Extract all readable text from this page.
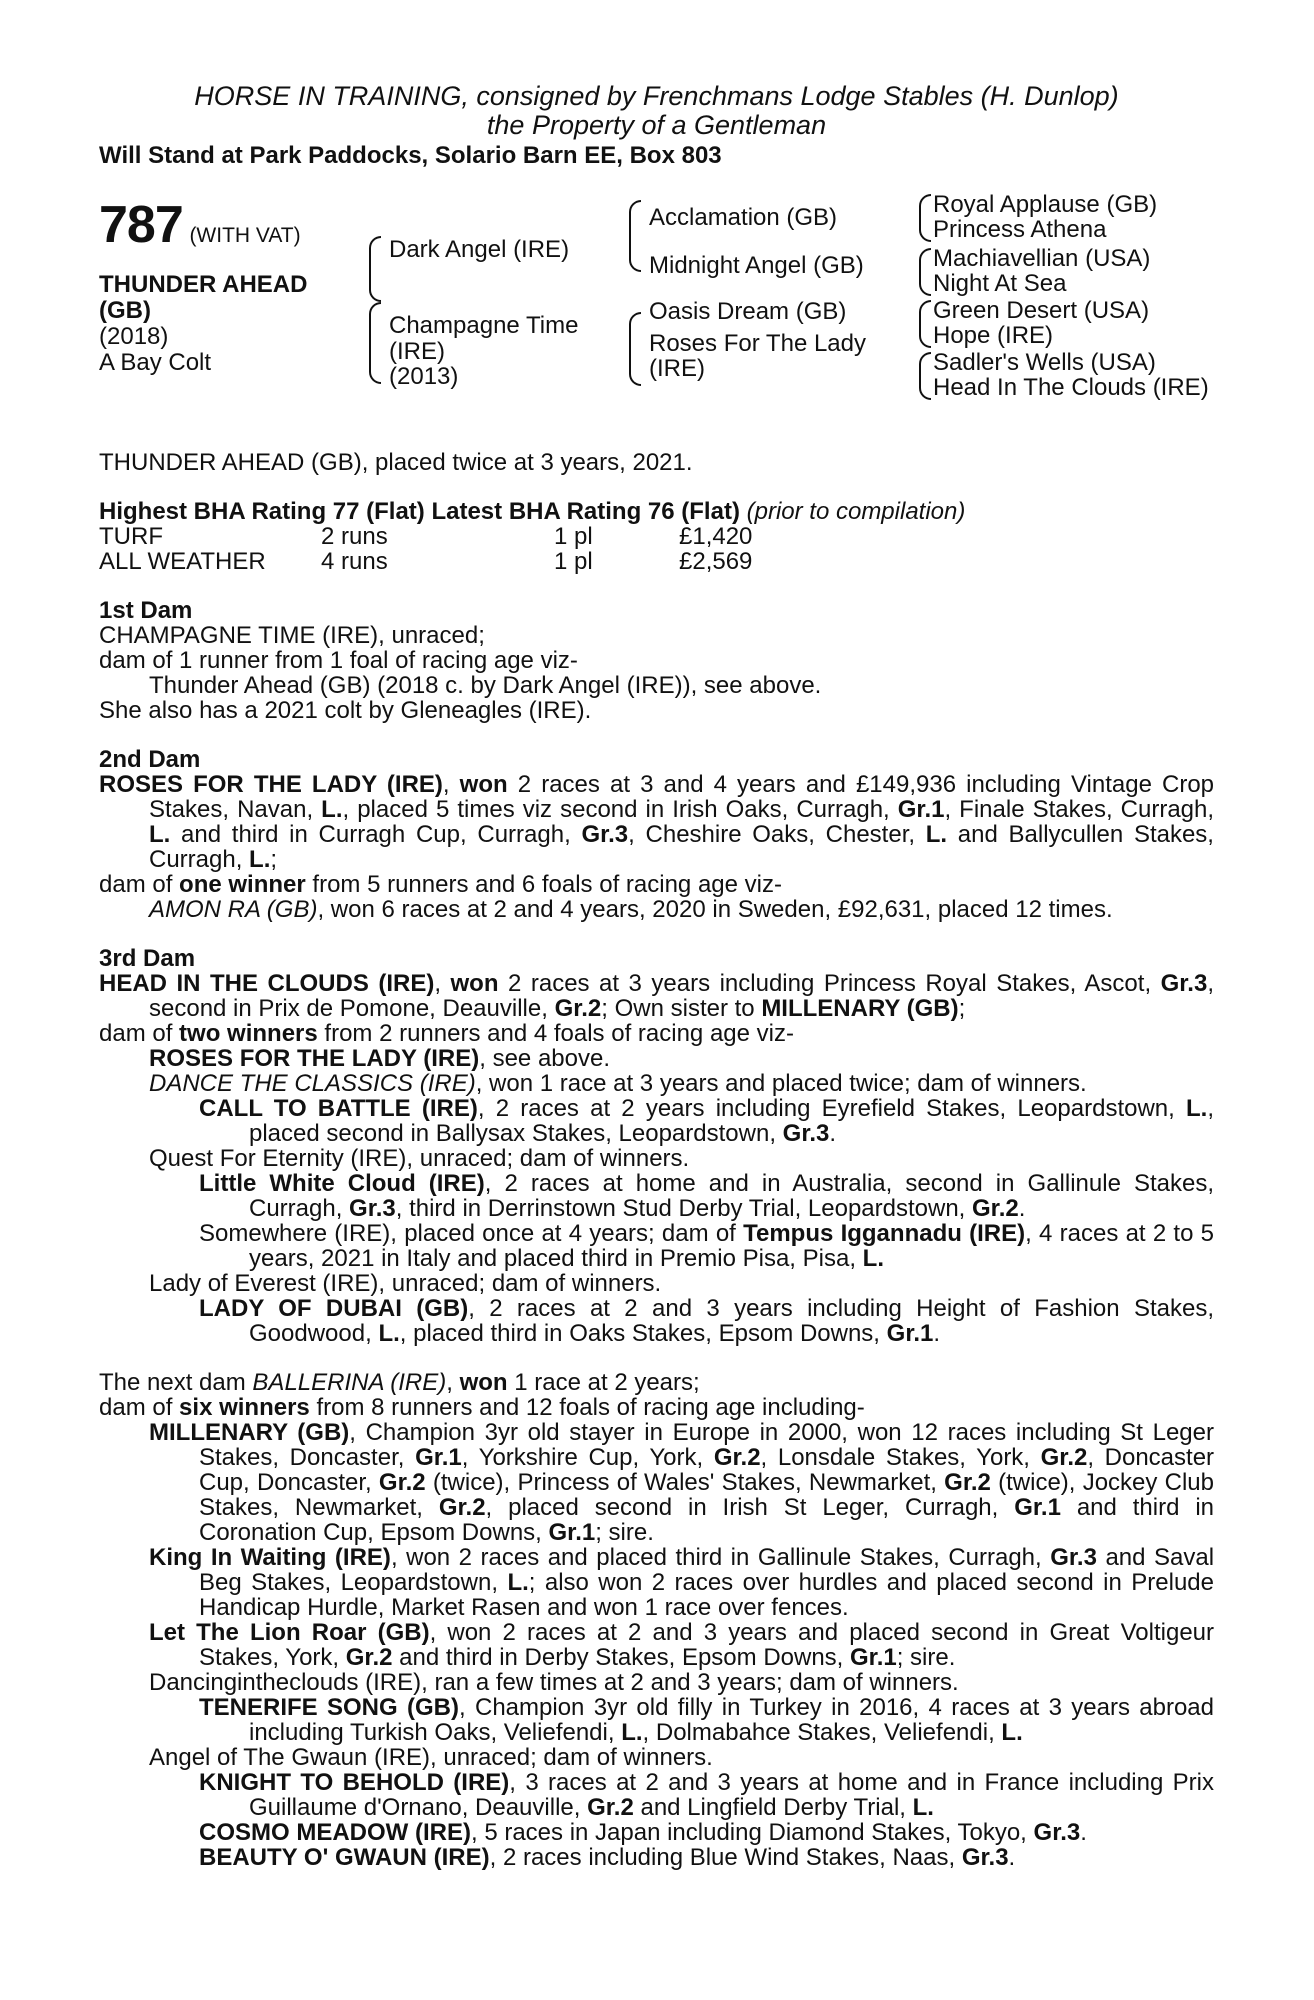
HORSE IN TRAINING, consigned by Frenchmans Lodge Stables (H. Dunlop)
the Property of a Gentleman
Will Stand at Park Paddocks, Solario Barn EE, Box 803
787 (WITH VAT)
THUNDER AHEAD
(GB)
(2018)
A Bay Colt
Dark Angel (IRE)
Champagne Time
(IRE)
(2013)
Acclamation (GB)
Midnight Angel (GB)
Oasis Dream (GB)
Roses For The Lady
(IRE)
Royal Applause (GB)
Princess Athena
Machiavellian (USA)
Night At Sea
Green Desert (USA)
Hope (IRE)
Sadler's Wells (USA)
Head In The Clouds (IRE)

THUNDER AHEAD (GB), placed twice at 3 years, 2021.

Highest BHA Rating 77 (Flat) Latest BHA Rating 76 (Flat) (prior to compilation)

TURF	2 runs	1 pl	£1,420
ALL WEATHER 4 runs	1 pl	£2,569

1st Dam

CHAMPAGNE TIME (IRE), unraced;

dam of 1 runner from 1 foal of racing age viz-

Thunder Ahead (GB) (2018 c. by Dark Angel (IRE)), see above.

She also has a 2021 colt by Gleneagles (IRE).

2nd Dam

ROSES FOR THE LADY (IRE), won 2 races at 3 and 4 years and £149,936 including Vintage Crop Stakes, Navan, L., placed 5 times viz second in Irish Oaks, Curragh, Gr.1, Finale Stakes, Curragh, L. and third in Curragh Cup, Curragh, Gr.3, Cheshire Oaks, Chester, L. and Ballycullen Stakes, Curragh, L.;

dam of one winner from 5 runners and 6 foals of racing age viz-

AMON RA (GB), won 6 races at 2 and 4 years, 2020 in Sweden, £92,631, placed 12 times.

3rd Dam

HEAD IN THE CLOUDS (IRE), won 2 races at 3 years including Princess Royal Stakes, Ascot, Gr.3, second in Prix de Pomone, Deauville, Gr.2; Own sister to MILLENARY (GB);

dam of two winners from 2 runners and 4 foals of racing age viz-

ROSES FOR THE LADY (IRE), see above.

DANCE THE CLASSICS (IRE), won 1 race at 3 years and placed twice; dam of winners.

CALL TO BATTLE (IRE), 2 races at 2 years including Eyrefield Stakes, Leopardstown, L., placed second in Ballysax Stakes, Leopardstown, Gr.3.

Quest For Eternity (IRE), unraced; dam of winners.

Little White Cloud (IRE), 2 races at home and in Australia, second in Gallinule Stakes, Curragh, Gr.3, third in Derrinstown Stud Derby Trial, Leopardstown, Gr.2.

Somewhere (IRE), placed once at 4 years; dam of Tempus Iggannadu (IRE), 4 races at 2 to 5 years, 2021 in Italy and placed third in Premio Pisa, Pisa, L.

Lady of Everest (IRE), unraced; dam of winners.

LADY OF DUBAI (GB), 2 races at 2 and 3 years including Height of Fashion Stakes, Goodwood, L., placed third in Oaks Stakes, Epsom Downs, Gr.1.

The next dam BALLERINA (IRE), won 1 race at 2 years;

dam of six winners from 8 runners and 12 foals of racing age including-

MILLENARY (GB), Champion 3yr old stayer in Europe in 2000, won 12 races including St Leger Stakes, Doncaster, Gr.1, Yorkshire Cup, York, Gr.2, Lonsdale Stakes, York, Gr.2, Doncaster Cup, Doncaster, Gr.2 (twice), Princess of Wales' Stakes, Newmarket, Gr.2 (twice), Jockey Club Stakes, Newmarket, Gr.2, placed second in Irish St Leger, Curragh, Gr.1 and third in Coronation Cup, Epsom Downs, Gr.1; sire.

King In Waiting (IRE), won 2 races and placed third in Gallinule Stakes, Curragh, Gr.3 and Saval Beg Stakes, Leopardstown, L.; also won 2 races over hurdles and placed second in Prelude Handicap Hurdle, Market Rasen and won 1 race over fences.

Let The Lion Roar (GB), won 2 races at 2 and 3 years and placed second in Great Voltigeur Stakes, York, Gr.2 and third in Derby Stakes, Epsom Downs, Gr.1; sire.

Dancingintheclouds (IRE), ran a few times at 2 and 3 years; dam of winners.

TENERIFE SONG (GB), Champion 3yr old filly in Turkey in 2016, 4 races at 3 years abroad including Turkish Oaks, Veliefendi, L., Dolmabahce Stakes, Veliefendi, L.

Angel of The Gwaun (IRE), unraced; dam of winners.

KNIGHT TO BEHOLD (IRE), 3 races at 2 and 3 years at home and in France including Prix Guillaume d'Ornano, Deauville, Gr.2 and Lingfield Derby Trial, L.

COSMO MEADOW (IRE), 5 races in Japan including Diamond Stakes, Tokyo, Gr.3.

BEAUTY O' GWAUN (IRE), 2 races including Blue Wind Stakes, Naas, Gr.3.
